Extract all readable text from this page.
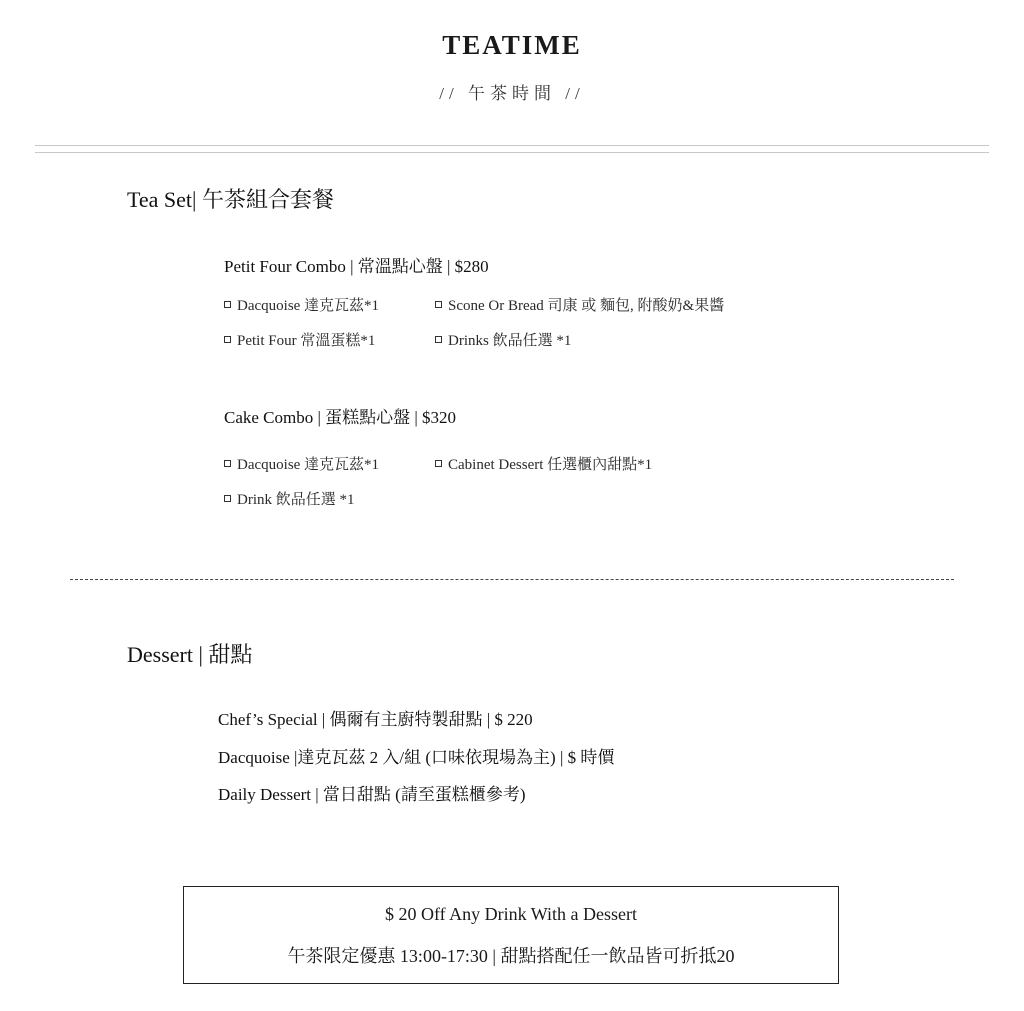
TEATIME
// 午茶時間 //
Tea Set| 午茶組合套餐
Petit Four Combo | 常溫點心盤 | $280
Dacquoise 達克瓦茲*1	Scone Or Bread 司康 或 麵包, 附酸奶&果醬
Petit Four 常溫蛋糕*1	Drinks 飲品任選 *1
Cake Combo | 蛋糕點心盤 | $320
Dacquoise 達克瓦茲*1	Cabinet Dessert 任選櫃內甜點*1
Drink 飲品任選 *1
Dessert | 甜點
Chef’s Special | 偶爾有主廚特製甜點 | $ 220
Dacquoise |達克瓦茲 2 入/組 (口味依現場為主) | $ 時價
Daily Dessert | 當日甜點 (請至蛋糕櫃參考)
$ 20 Off Any Drink With a Dessert
午茶限定優惠 13:00-17:30 | 甜點搭配任一飲品皆可折抵20
